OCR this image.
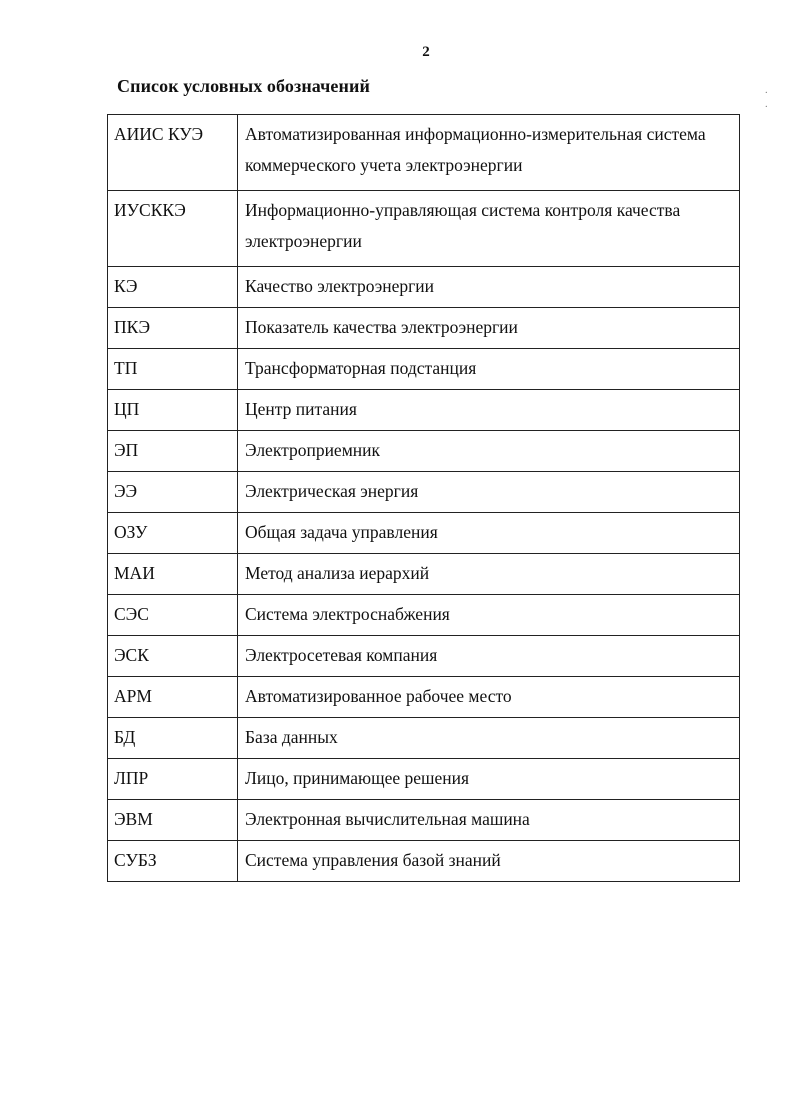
2
Список условных обозначений	·
·
АИИС КУЭ	Автоматизированная информационно-измерительная система коммерческого учета электроэнергии
ИУСККЭ	Информационно-управляющая система контроля качества электроэнергии
КЭ	Качество электроэнергии
ПКЭ	Показатель качества электроэнергии
ТП	Трансформаторная подстанция
ЦП	Центр питания
ЭП	Электроприемник
ЭЭ	Электрическая энергия
ОЗУ	Общая задача управления
МАИ	Метод анализа иерархий
СЭС	Система электроснабжения
ЭСК	Электросетевая компания
АРМ	Автоматизированное рабочее место
БД	База данных
ЛПР	Лицо, принимающее решения
ЭВМ	Электронная вычислительная машина
СУБЗ	Система управления базой знаний
